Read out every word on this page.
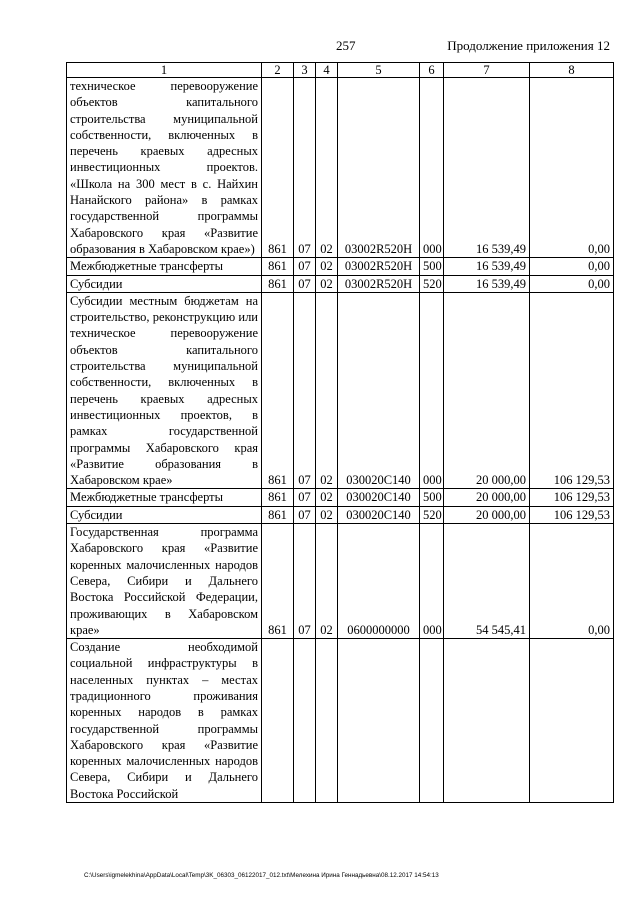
257	Продолжение приложения 12
1	2	3	4	5	6	7	8
техническое перевооружение объектов капитального строительства муниципальной собственности, включенных в перечень краевых адресных инвестиционных проектов. «Школа на 300 мест в с. Найхин Нанайского района» в рамках государственной программы Хабаровского края «Развитие образования в Хабаровском крае»)	861	07	02	03002R520H	000	16 539,49	0,00
Межбюджетные трансферты	861	07	02	03002R520H	500	16 539,49	0,00
Субсидии	861	07	02	03002R520H	520	16 539,49	0,00
Субсидии местным бюджетам на строительство, реконструкцию или техническое перевооружение объектов капитального строительства муниципальной собственности, включенных в перечень краевых адресных инвестиционных проектов, в рамках государственной программы Хабаровского края «Развитие образования в Хабаровском крае»	861	07	02	030020С140	000	20 000,00	106 129,53
Межбюджетные трансферты	861	07	02	030020С140	500	20 000,00	106 129,53
Субсидии	861	07	02	030020С140	520	20 000,00	106 129,53
Государственная программа Хабаровского края «Развитие коренных малочисленных народов Севера, Сибири и Дальнего Востока Российской Федерации, проживающих в Хабаровском крае»	861	07	02	0600000000	000	54 545,41	0,00
Создание необходимой социальной инфраструктуры в населенных пунктах – местах традиционного проживания коренных народов в рамках государственной программы Хабаровского края «Развитие коренных малочисленных народов Севера, Сибири и Дальнего Востока Российской							
C:\Users\igmelekhina\AppData\Local\Temp\3K_06303_06122017_012.txt\Мелехина Ирина Геннадьевна\08.12.2017 14:54:13
